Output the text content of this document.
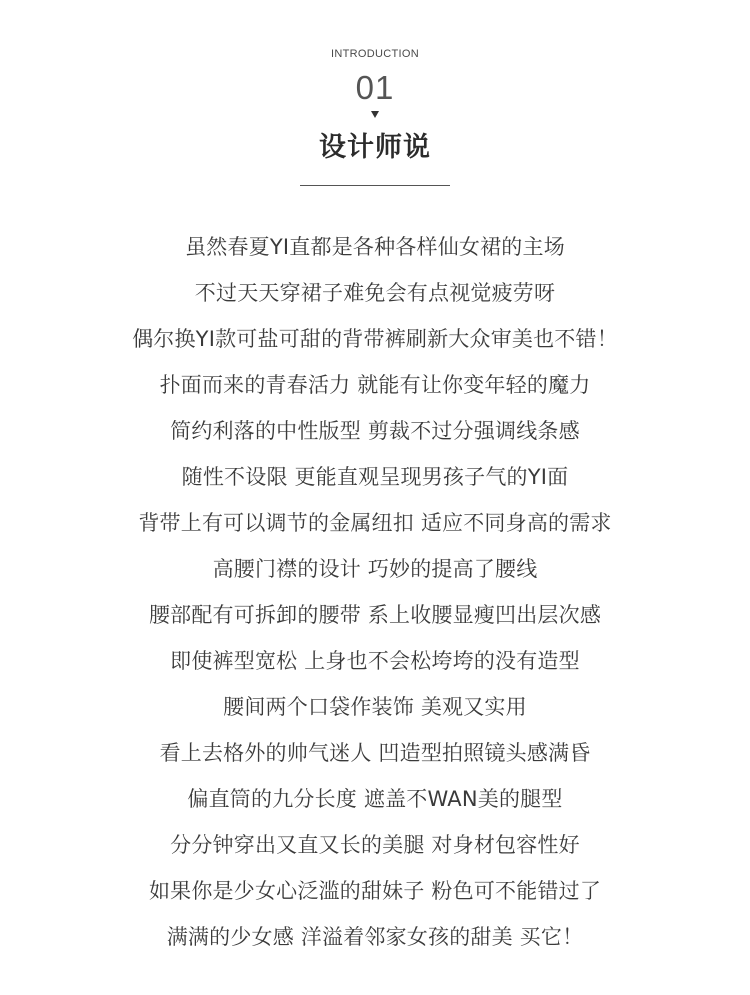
INTRODUCTION
01
设计师说
虽然春夏YI直都是各种各样仙女裙的主场
不过天天穿裙子难免会有点视觉疲劳呀
偶尔换YI款可盐可甜的背带裤刷新大众审美也不错！
扑面而来的青春活力 就能有让你变年轻的魔力
简约利落的中性版型 剪裁不过分强调线条感
随性不设限 更能直观呈现男孩子气的YI面
背带上有可以调节的金属纽扣 适应不同身高的需求
高腰门襟的设计 巧妙的提高了腰线
腰部配有可拆卸的腰带 系上收腰显瘦凹出层次感
即使裤型宽松 上身也不会松垮垮的没有造型
腰间两个口袋作装饰 美观又实用
看上去格外的帅气迷人 凹造型拍照镜头感满昏
偏直筒的九分长度 遮盖不WAN美的腿型
分分钟穿出又直又长的美腿 对身材包容性好
如果你是少女心泛滥的甜妹子 粉色可不能错过了
满满的少女感 洋溢着邻家女孩的甜美 买它！
